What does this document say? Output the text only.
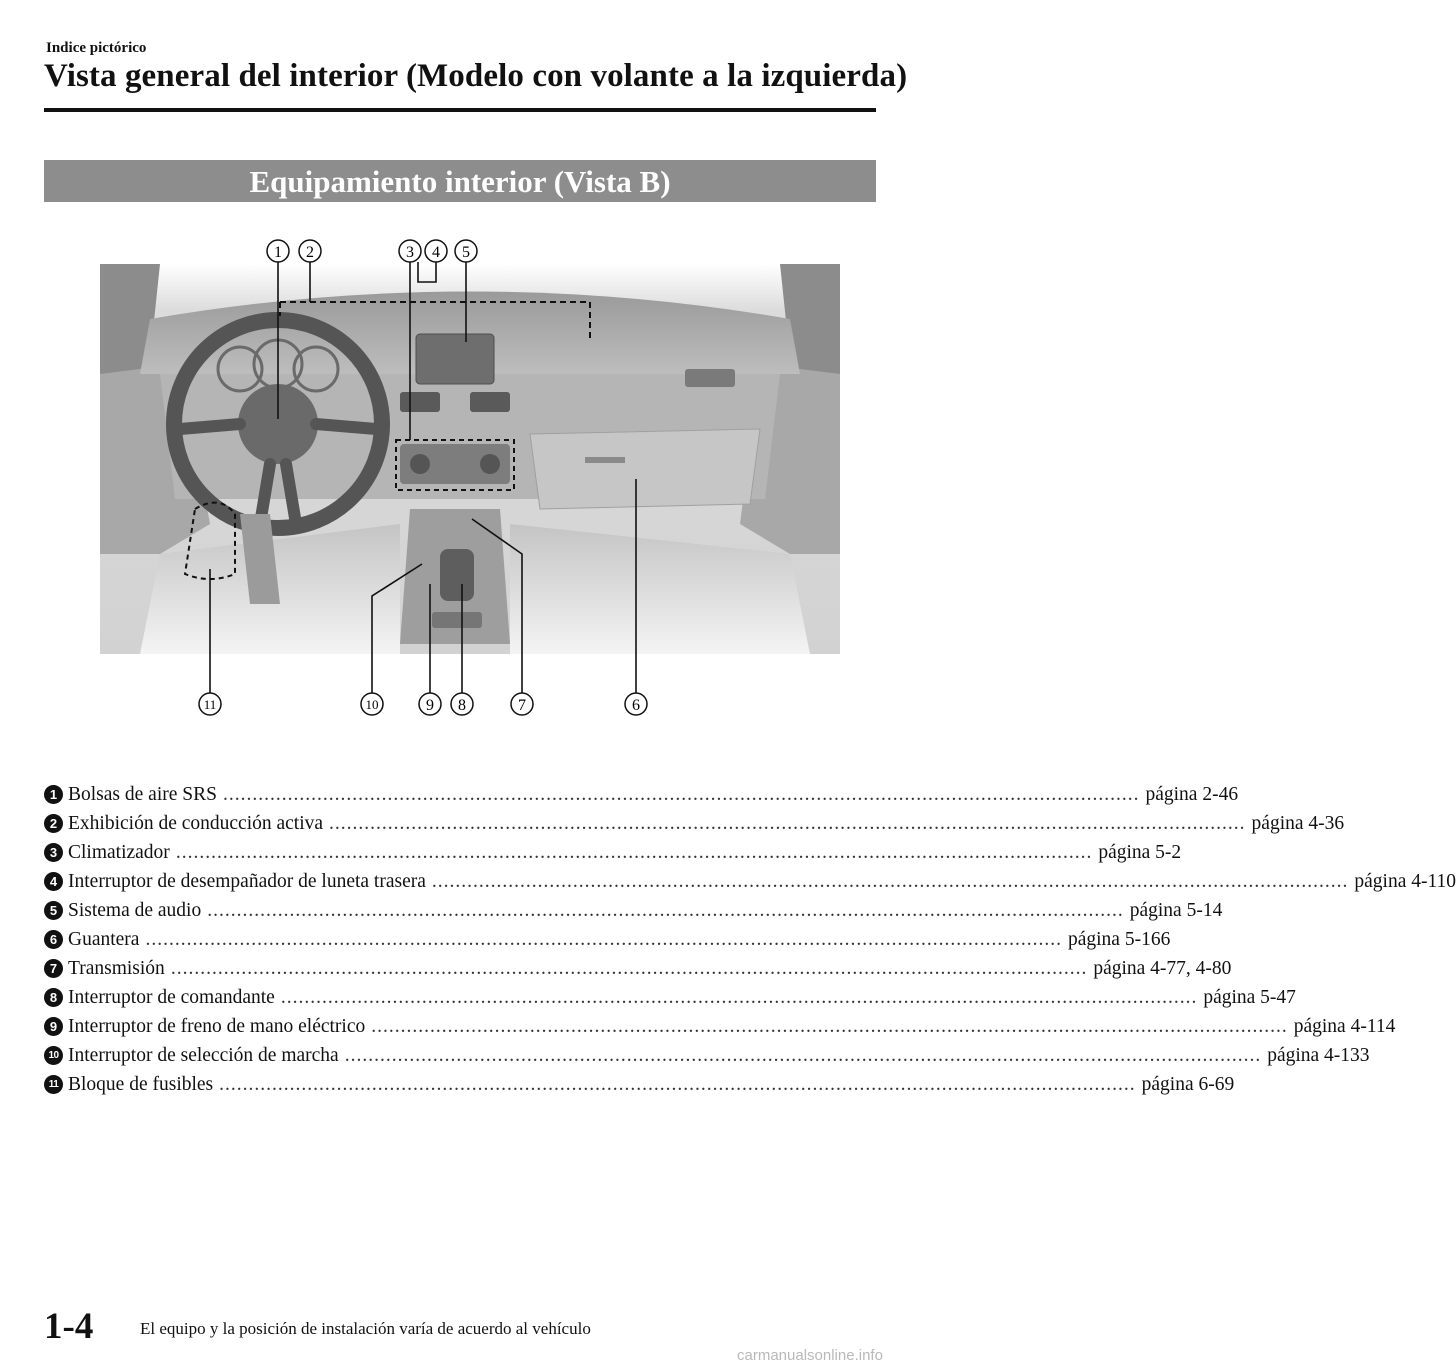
Indice pictórico
Vista general del interior (Modelo con volante a la izquierda)
Equipamiento interior (Vista B)
1 2	3 4 5
6
7
8
9
10
11
1 Bolsas de aire SRS ............................................................................................................................................................ página 2-46
2 Exhibición de conducción activa ............................................................................................................................................................ página 4-36
3 Climatizador ............................................................................................................................................................ página 5-2
4 Interruptor de desempañador de luneta trasera ............................................................................................................................................................ página 4-110
5 Sistema de audio ............................................................................................................................................................ página 5-14
6 Guantera ............................................................................................................................................................ página 5-166
7 Transmisión ............................................................................................................................................................ página 4-77, 4-80
8 Interruptor de comandante ............................................................................................................................................................ página 5-47
9 Interruptor de freno de mano eléctrico ............................................................................................................................................................ página 4-114
10 Interruptor de selección de marcha ............................................................................................................................................................ página 4-133
11 Bloque de fusibles ............................................................................................................................................................ página 6-69
1-4	El equipo y la posición de instalación varía de acuerdo al vehículo
carmanualsonline.info
